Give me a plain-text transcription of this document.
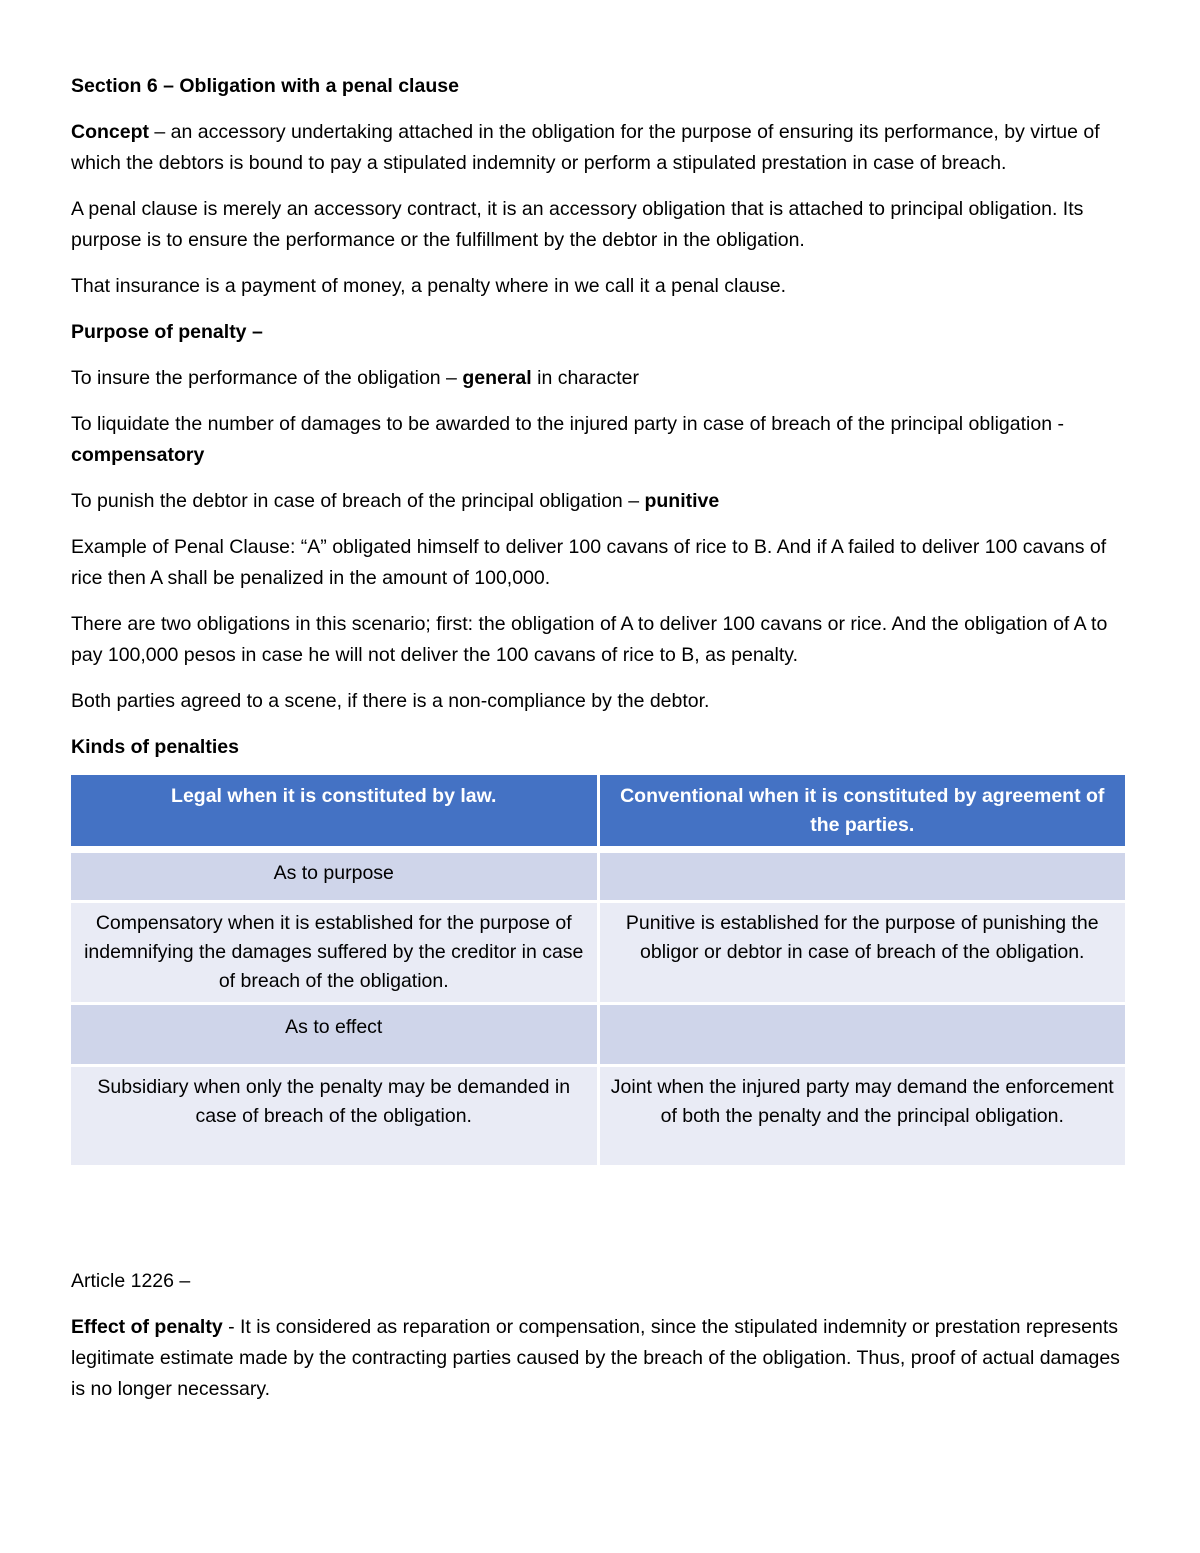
Section 6 – Obligation with a penal clause

Concept – an accessory undertaking attached in the obligation for the purpose of ensuring its performance, by virtue of which the debtors is bound to pay a stipulated indemnity or perform a stipulated prestation in case of breach.

A penal clause is merely an accessory contract, it is an accessory obligation that is attached to principal obligation. Its purpose is to ensure the performance or the fulfillment by the debtor in the obligation.

That insurance is a payment of money, a penalty where in we call it a penal clause.

Purpose of penalty –

To insure the performance of the obligation – general in character

To liquidate the number of damages to be awarded to the injured party in case of breach of the principal obligation - compensatory

To punish the debtor in case of breach of the principal obligation – punitive

Example of Penal Clause: “A” obligated himself to deliver 100 cavans of rice to B. And if A failed to deliver 100 cavans of rice then A shall be penalized in the amount of 100,000.

There are two obligations in this scenario; first: the obligation of A to deliver 100 cavans or rice. And the obligation of A to pay 100,000 pesos in case he will not deliver the 100 cavans of rice to B, as penalty.

Both parties agreed to a scene, if there is a non-compliance by the debtor.

Kinds of penalties

Legal when it is constituted by law.	Conventional when it is constituted by agreement of the parties.
As to purpose	
Compensatory when it is established for the purpose of indemnifying the damages suffered by the creditor in case of breach of the obligation.	Punitive is established for the purpose of punishing the obligor or debtor in case of breach of the obligation.
As to effect	
Subsidiary when only the penalty may be demanded in case of breach of the obligation.	Joint when the injured party may demand the enforcement of both the penalty and the principal obligation.

Article 1226 –

Effect of penalty - It is considered as reparation or compensation, since the stipulated indemnity or prestation represents legitimate estimate made by the contracting parties caused by the breach of the obligation. Thus, proof of actual damages is no longer necessary.
